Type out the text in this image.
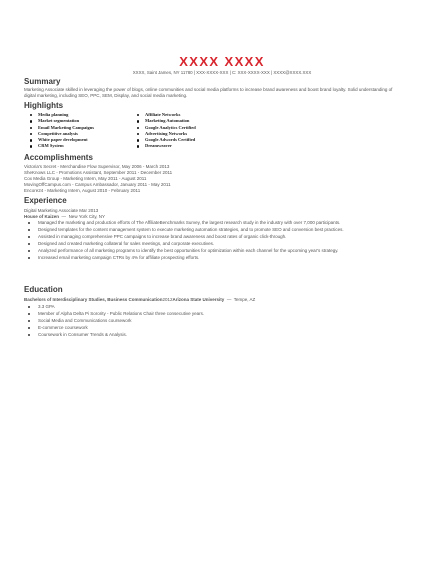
XXXX XXXX
XXXX, Saint James, NY 11780 | XXX-XXXX-XXX | C: XXX-XXXX-XXX | XXXX@XXXX.XXX
Summary
Marketing Associate skilled in leveraging the power of blogs, online communities and social media platforms to increase brand awareness and boost brand loyalty. Solid understanding of digital marketing, including SEO, PPC, SEM, Display, and social media marketing.
Highlights
Media planning
Market segmentation
Email Marketing Campaigns
Competitive analysis
White paper development
CRM System
Affiliate Networks
Marketing Automation
Google Analytics Certified
Advertising Networks
Google Adwords Certified
Dreamweaver
Accomplishments
Victoria's Secret - Merchandise Flow Supervisor, May 2006 - March 2013
SheKnows LLC - Promotions Assistant, September 2011 - December 2011
Cox Media Group - Marketing Intern, May 2011 - August 2011
MovingOffCampus.com - Campus Ambassador, January 2011 - May 2011
Encore24 - Marketing Intern, August 2010 - February 2011
Experience
Digital Marketing Associate Mar 2013
House of Kaizen  —  New York City, NY
Managed the marketing and production efforts of The AffiliateBenchmarks Survey, the largest research study in the industry with over 7,000 participants.
Designed templates for the content management system to execute marketing automation strategies, and to promote SEO and conversion best practices.
Assisted in managing comprehensive PPC campaigns to increase brand awareness and boost rates of organic click-through.
Designed and created marketing collateral for sales meetings, and corporate executives.
Analyzed performance of all marketing programs to identify the best opportunities for optimization within each channel for the upcoming year's strategy.
Increased email marketing campaign CTRs by 4% for affiliate prospecting efforts.
Education
Bachelors of Interdisciplinary Studies, Business Communication2012Arizona State University  —  Tempe, AZ
3.3 GPA
Member of Alpha Delta Pi Sorority - Public Relations Chair three consecutive years.
Social Media and Communications coursework
E-commerce coursework
Coursework in Consumer Trends & Analysis.
